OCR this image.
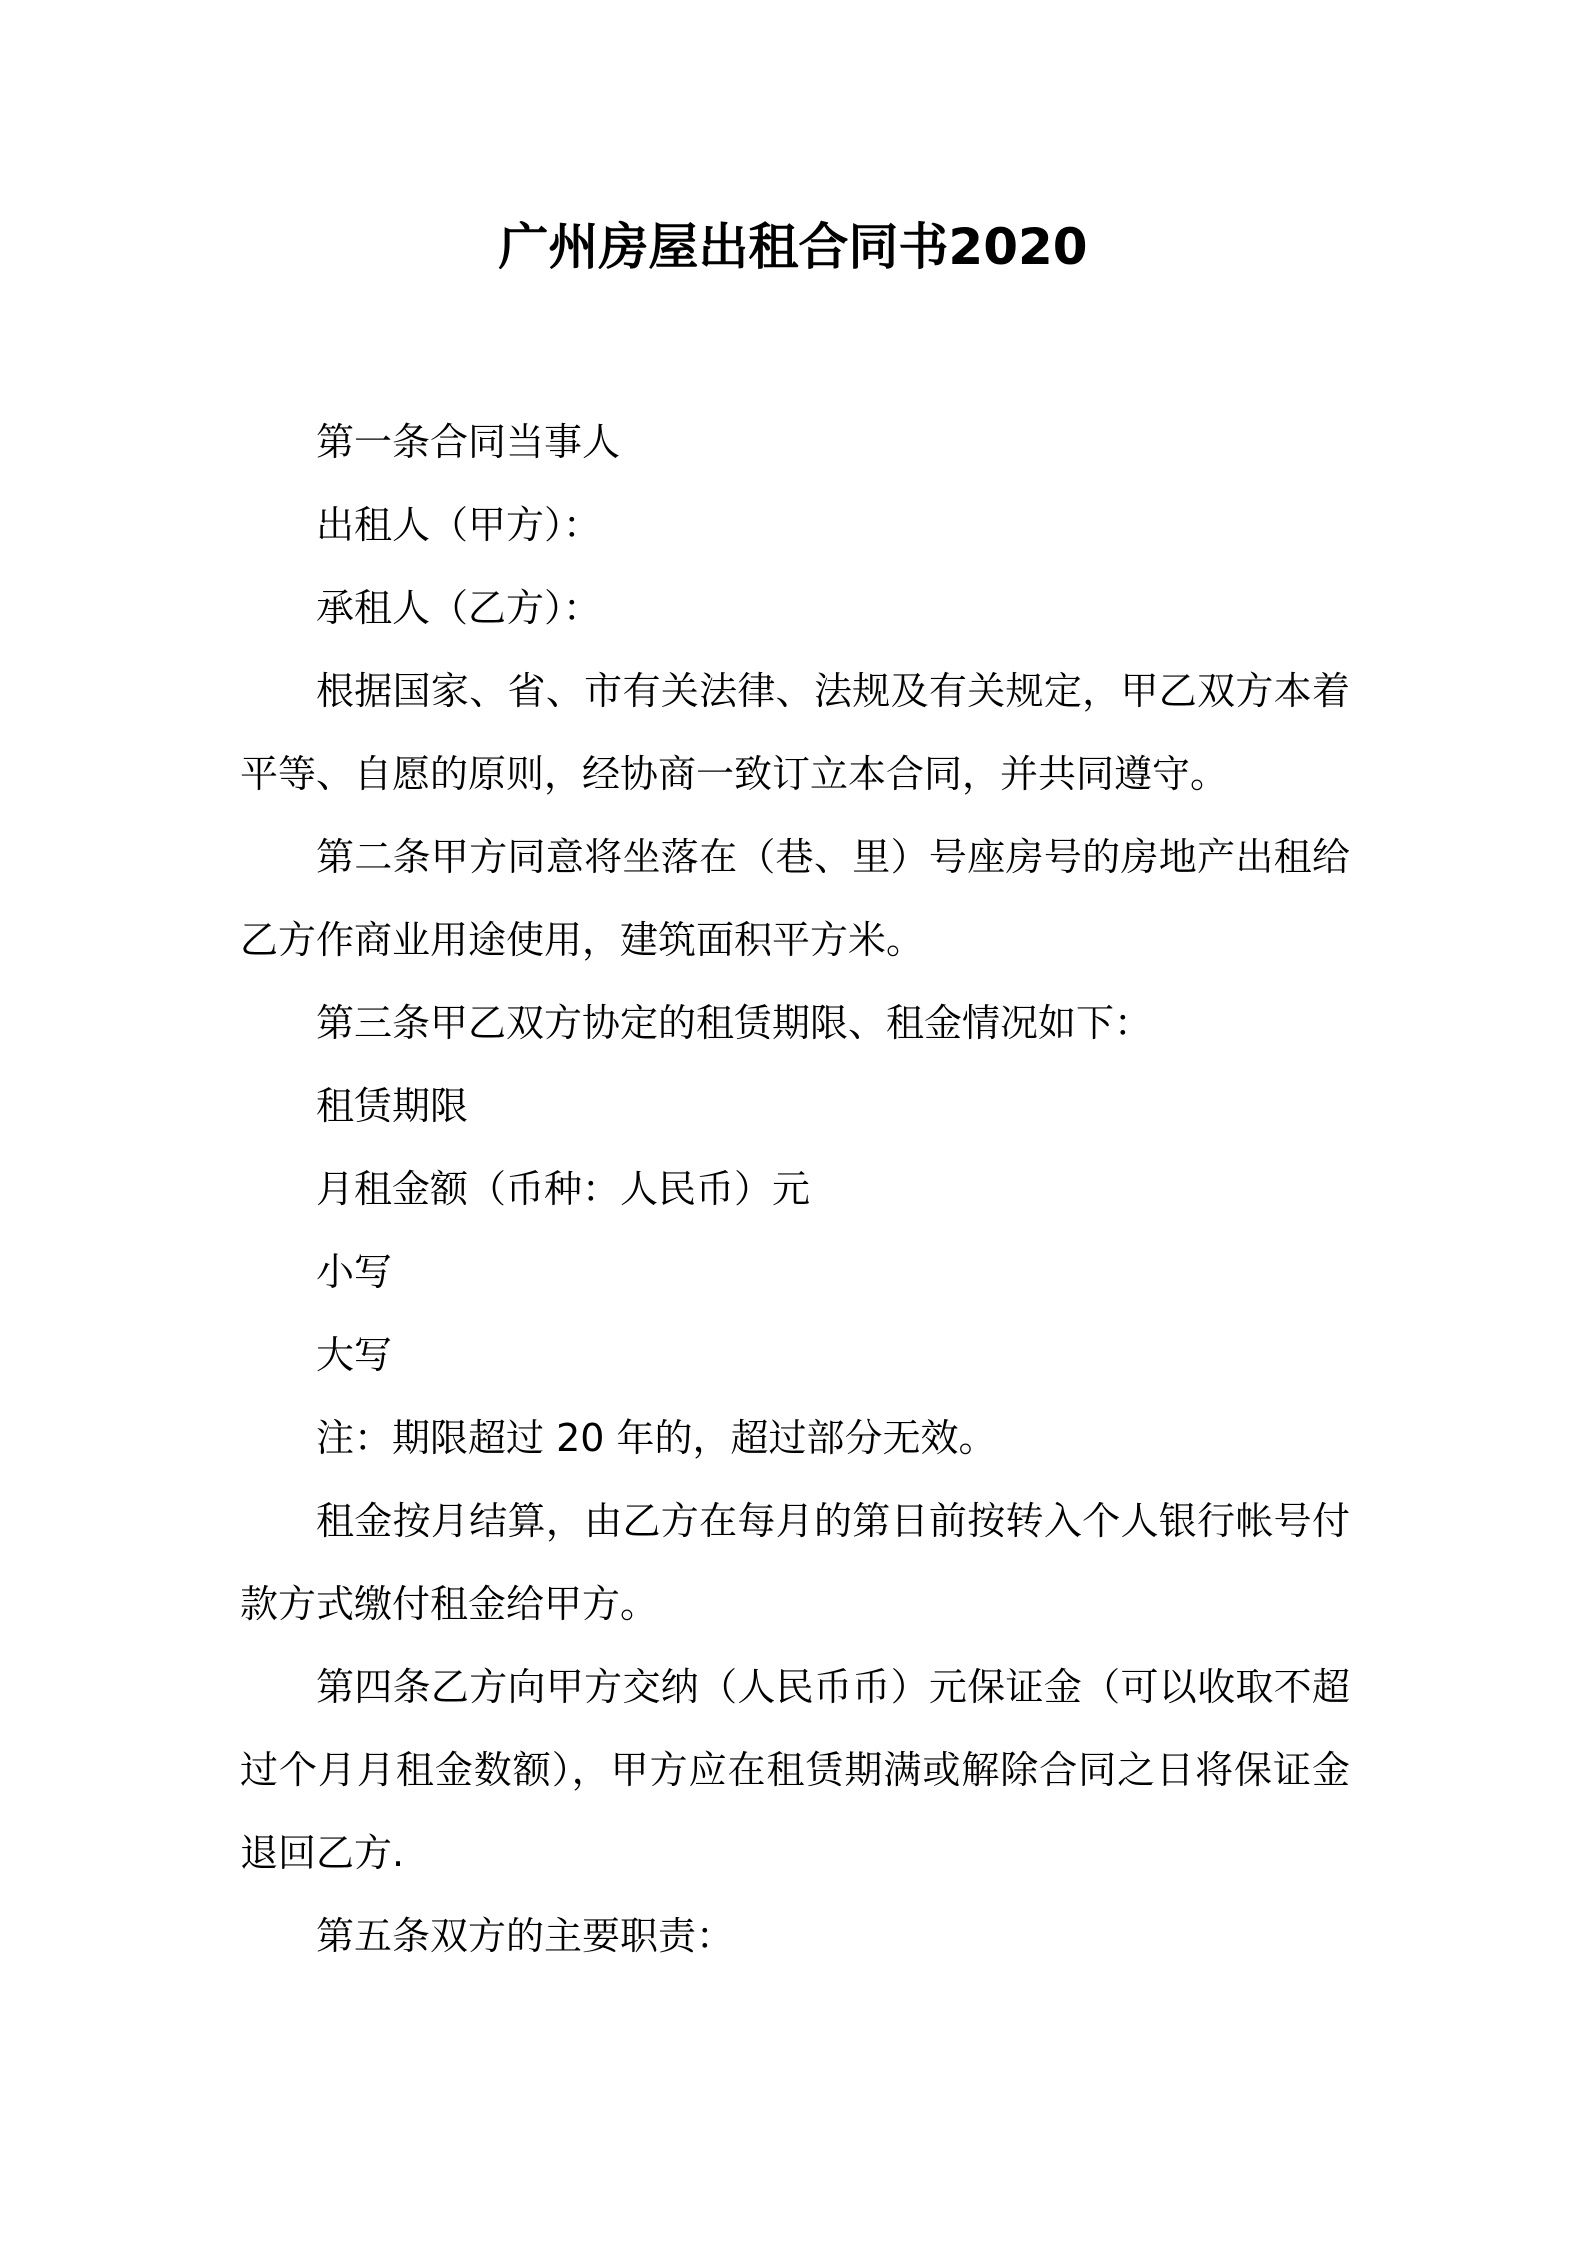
广州房屋出租合同书2020

第一条合同当事人

出租人（甲方）：

承租人（乙方）：

根据国家、省、市有关法律、法规及有关规定，甲乙双方本着平等、自愿的原则，经协商一致订立本合同，并共同遵守。

第二条甲方同意将坐落在（巷、里）号座房号的房地产出租给乙方作商业用途使用，建筑面积平方米。

第三条甲乙双方协定的租赁期限、租金情况如下：

租赁期限

月租金额（币种：人民币）元

小写

大写

注：期限超过 20 年的，超过部分无效。

租金按月结算，由乙方在每月的第日前按转入个人银行帐号付款方式缴付租金给甲方。

第四条乙方向甲方交纳（人民币币）元保证金（可以收取不超过个月月租金数额），甲方应在租赁期满或解除合同之日将保证金退回乙方.

第五条双方的主要职责：
